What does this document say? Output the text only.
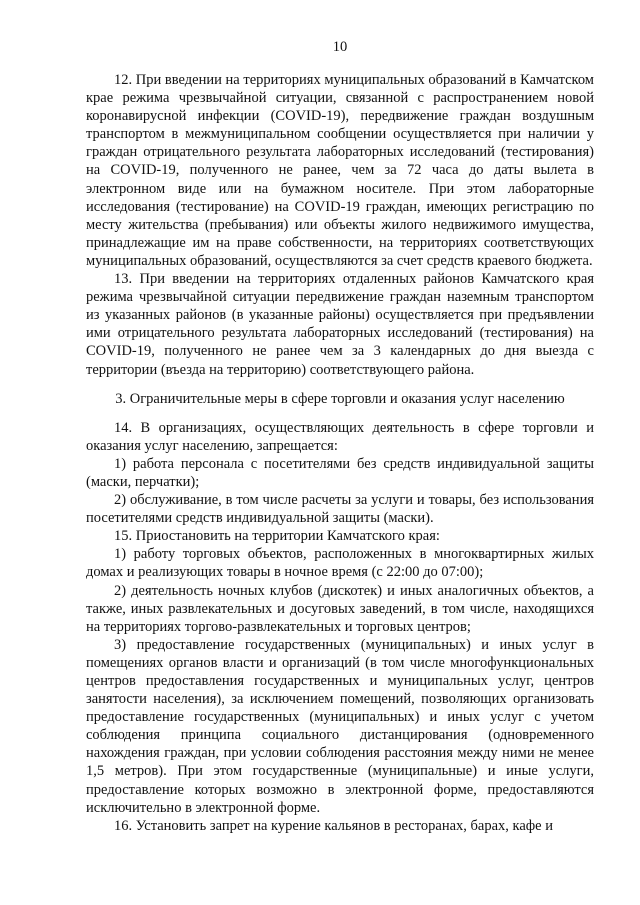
10

12. При введении на территориях муниципальных образований в Камчатском крае режима чрезвычайной ситуации, связанной с распространением новой коронавирусной инфекции (COVID-19), передвижение граждан воздушным транспортом в межмуниципальном сообщении осуществляется при наличии у граждан отрицательного результата лабораторных исследований (тестирования) на COVID-19, полученного не ранее, чем за 72 часа до даты вылета в электронном виде или на бумажном носителе. При этом лабораторные исследования (тестирование) на COVID-19 граждан, имеющих регистрацию по месту жительства (пребывания) или объекты жилого недвижимого имущества, принадлежащие им на праве собственности, на территориях соответствующих муниципальных образований, осуществляются за счет средств краевого бюджета.

13. При введении на территориях отдаленных районов Камчатского края режима чрезвычайной ситуации передвижение граждан наземным транспортом из указанных районов (в указанные районы) осуществляется при предъявлении ими отрицательного результата лабораторных исследований (тестирования) на COVID-19, полученного не ранее чем за 3 календарных до дня выезда с территории (въезда на территорию) соответствующего района.

3. Ограничительные меры в сфере торговли и оказания услуг населению

14. В организациях, осуществляющих деятельность в сфере торговли и оказания услуг населению, запрещается:

1) работа персонала с посетителями без средств индивидуальной защиты (маски, перчатки);

2) обслуживание, в том числе расчеты за услуги и товары, без использования посетителями средств индивидуальной защиты (маски).

15. Приостановить на территории Камчатского края:

1) работу торговых объектов, расположенных в многоквартирных жилых домах и реализующих товары в ночное время (с 22:00 до 07:00);

2) деятельность ночных клубов (дискотек) и иных аналогичных объектов, а также, иных развлекательных и досуговых заведений, в том числе, находящихся на территориях торгово-развлекательных и торговых центров;

3) предоставление государственных (муниципальных) и иных услуг в помещениях органов власти и организаций (в том числе многофункциональных центров предоставления государственных и муниципальных услуг, центров занятости населения), за исключением помещений, позволяющих организовать предоставление государственных (муниципальных) и иных услуг с учетом соблюдения принципа социального дистанцирования (одновременного нахождения граждан, при условии соблюдения расстояния между ними не менее 1,5 метров). При этом государственные (муниципальные) и иные услуги, предоставление которых возможно в электронной форме, предоставляются исключительно в электронной форме.

16. Установить запрет на курение кальянов в ресторанах, барах, кафе и
